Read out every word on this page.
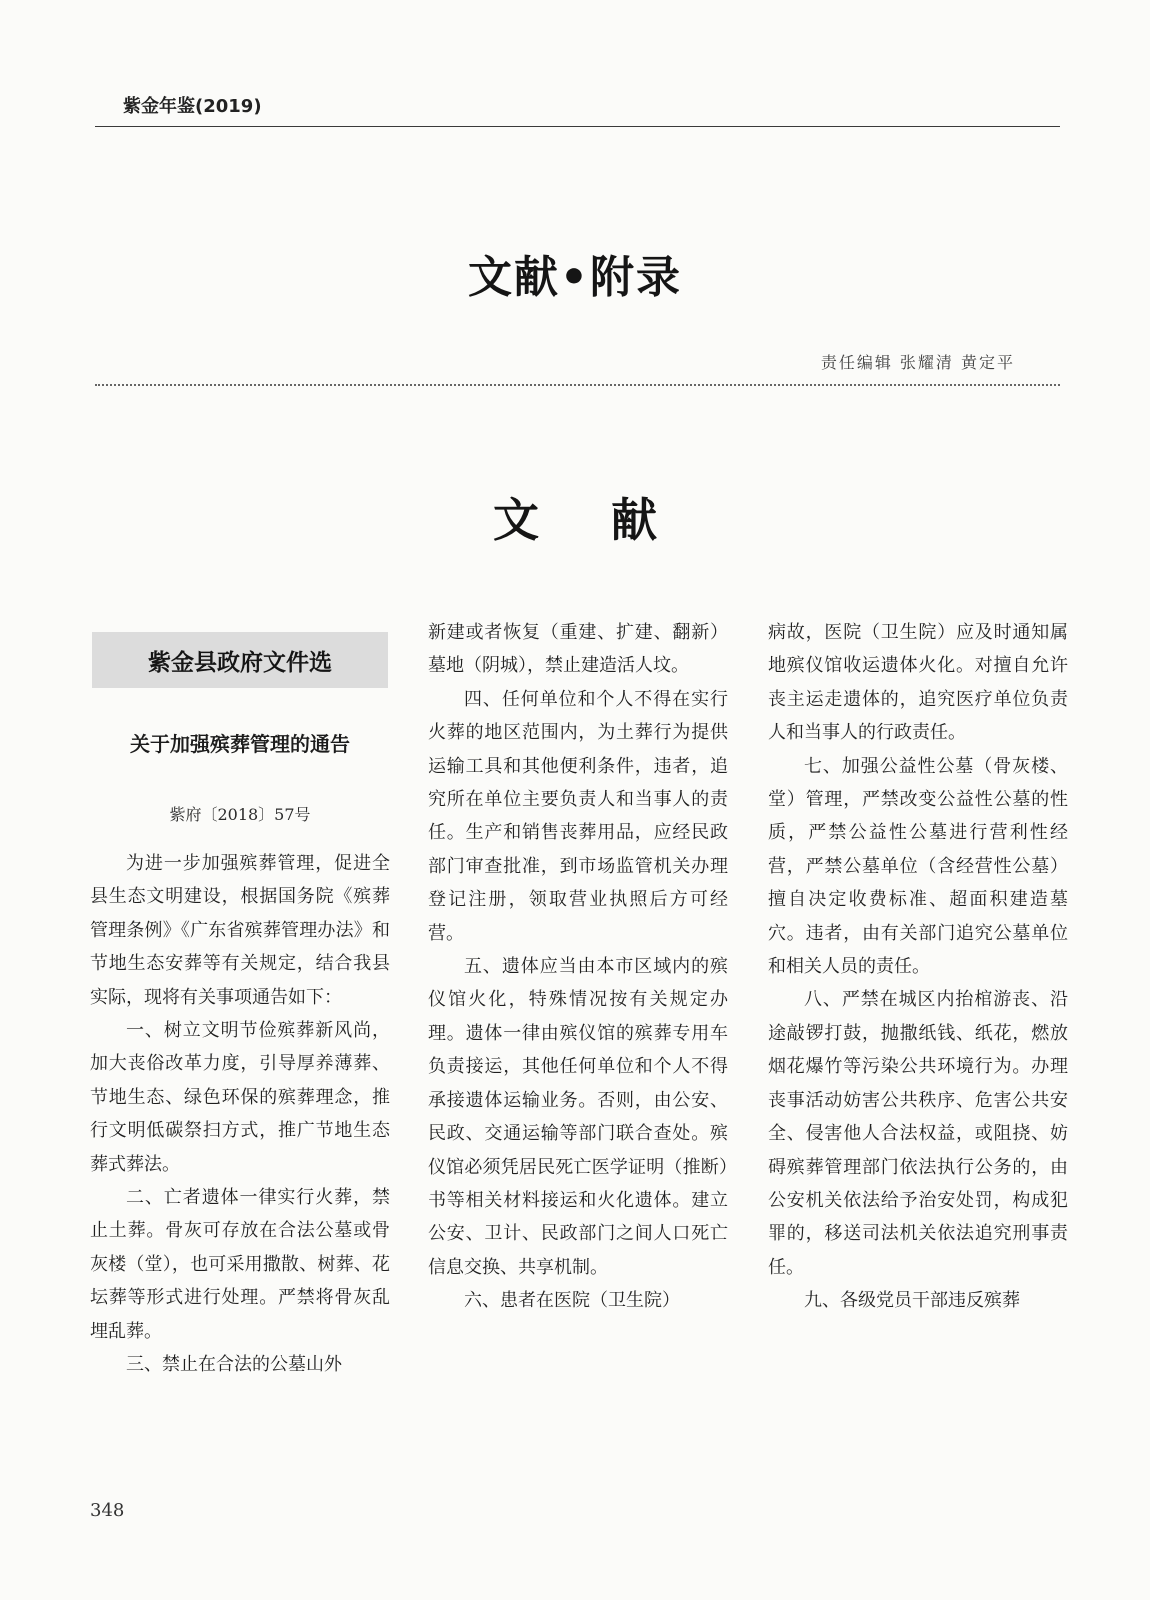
紫金年鉴(2019)
文献•附录
责任编辑 张耀清 黄定平
文献
紫金县政府文件选
关于加强殡葬管理的通告
紫府〔2018〕57号

为进一步加强殡葬管理，促进全县生态文明建设，根据国务院《殡葬管理条例》《广东省殡葬管理办法》和节地生态安葬等有关规定，结合我县实际，现将有关事项通告如下：

一、树立文明节俭殡葬新风尚，加大丧俗改革力度，引导厚养薄葬、节地生态、绿色环保的殡葬理念，推行文明低碳祭扫方式，推广节地生态葬式葬法。

二、亡者遗体一律实行火葬，禁止土葬。骨灰可存放在合法公墓或骨灰楼（堂），也可采用撒散、树葬、花坛葬等形式进行处理。严禁将骨灰乱埋乱葬。

三、禁止在合法的公墓山外

新建或者恢复（重建、扩建、翻新）墓地（阴城），禁止建造活人坟。

四、任何单位和个人不得在实行火葬的地区范围内，为土葬行为提供运输工具和其他便利条件，违者，追究所在单位主要负责人和当事人的责任。生产和销售丧葬用品，应经民政部门审查批准，到市场监管机关办理登记注册，领取营业执照后方可经营。

五、遗体应当由本市区域内的殡仪馆火化，特殊情况按有关规定办理。遗体一律由殡仪馆的殡葬专用车负责接运，其他任何单位和个人不得承接遗体运输业务。否则，由公安、民政、交通运输等部门联合查处。殡仪馆必须凭居民死亡医学证明（推断）书等相关材料接运和火化遗体。建立公安、卫计、民政部门之间人口死亡信息交换、共享机制。

六、患者在医院（卫生院）

病故，医院（卫生院）应及时通知属地殡仪馆收运遗体火化。对擅自允许丧主运走遗体的，追究医疗单位负责人和当事人的行政责任。

七、加强公益性公墓（骨灰楼、堂）管理，严禁改变公益性公墓的性质，严禁公益性公墓进行营利性经营，严禁公墓单位（含经营性公墓）擅自决定收费标准、超面积建造墓穴。违者，由有关部门追究公墓单位和相关人员的责任。

八、严禁在城区内抬棺游丧、沿途敲锣打鼓，抛撒纸钱、纸花，燃放烟花爆竹等污染公共环境行为。办理丧事活动妨害公共秩序、危害公共安全、侵害他人合法权益，或阻挠、妨碍殡葬管理部门依法执行公务的，由公安机关依法给予治安处罚，构成犯罪的，移送司法机关依法追究刑事责任。

九、各级党员干部违反殡葬

348
